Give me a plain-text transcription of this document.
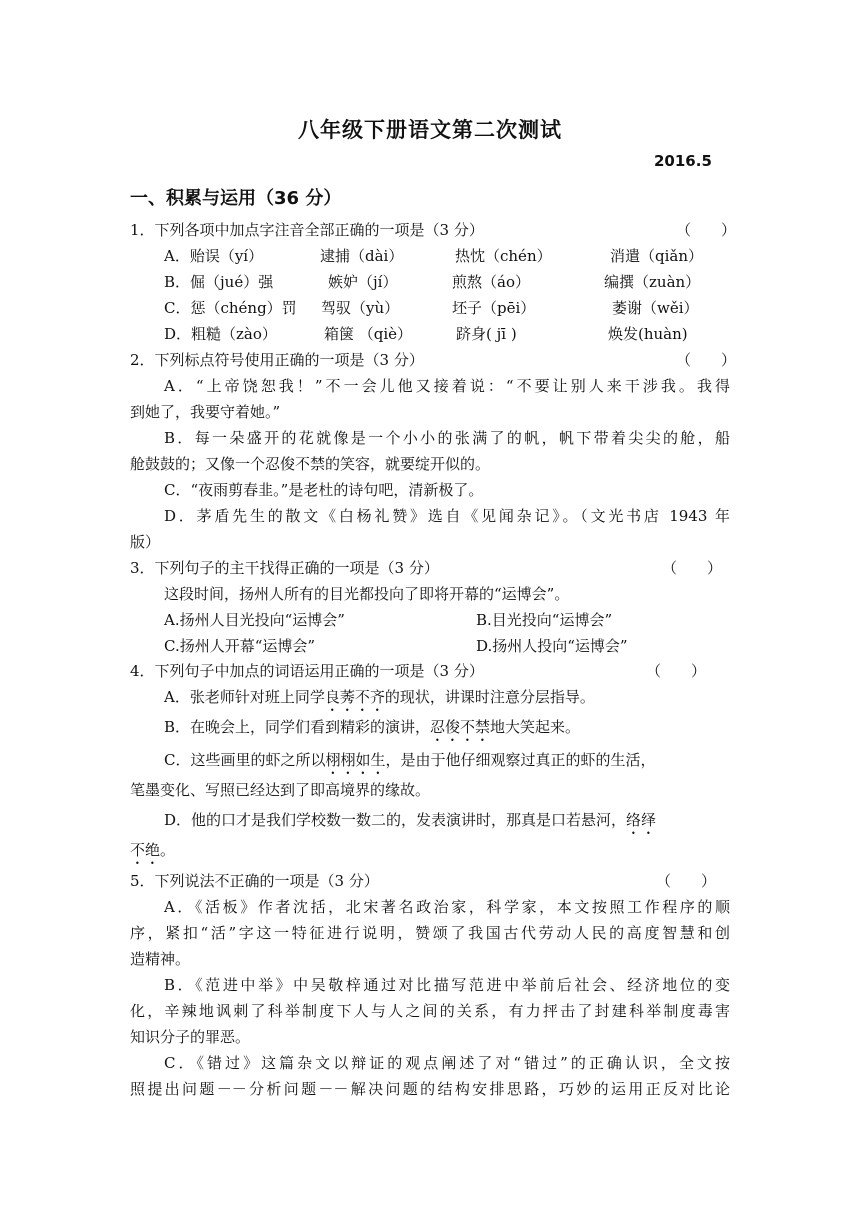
八年级下册语文第二次测试
2016.5
一、积累与运用（36 分）
1．下列各项中加点字注音全部正确的一项是（3 分）	（　　）
A．贻误（yí）	逮捕（dài）	热忱（chén）	消遣（qiǎn）
B．倔（jué）强	嫉妒（jí）	煎熬（áo）	编撰（zuàn）
C．惩（chéng）罚 驾驭（yù）	坯子（pēi）	萎谢（wěi）
D．粗糙（zào）	箱箧 （qiè）	跻身( jī )	焕发(huàn)
2．下列标点符号使用正确的一项是（3 分）	（　　）
A．“上帝饶恕我！”不一会儿他又接着说：“不要让别人来干涉我。我得
到她了，我要守着她。”
B．每一朵盛开的花就像是一个小小的张满了的帆，帆下带着尖尖的舱，船
舱鼓鼓的；又像一个忍俊不禁的笑容，就要绽开似的。
C．“夜雨剪春韭。”是老杜的诗句吧，清新极了。
D．茅盾先生的散文《白杨礼赞》选自《见闻杂记》。（文光书店 1943 年
版）
3．下列句子的主干找得正确的一项是（3 分）	（　　）
这段时间，扬州人所有的目光都投向了即将开幕的“运博会”。
A.扬州人目光投向“运博会”	B.目光投向“运博会”
C.扬州人开幕“运博会”	D.扬州人投向“运博会”
4．下列句子中加点的词语运用正确的一项是（3 分）	（　　）
A．张老师针对班上同学良莠不齐的现状，讲课时注意分层指导。
B．在晚会上，同学们看到精彩的演讲，忍俊不禁地大笑起来。
C．这些画里的虾之所以栩栩如生，是由于他仔细观察过真正的虾的生活，
笔墨变化、写照已经达到了即高境界的缘故。
D．他的口才是我们学校数一数二的，发表演讲时，那真是口若悬河，络绎
不绝。
5．下列说法不正确的一项是（3 分）	（　　）
A．《活板》作者沈括，北宋著名政治家，科学家，本文按照工作程序的顺
序，紧扣“活”字这一特征进行说明，赞颂了我国古代劳动人民的高度智慧和创
造精神。
B．《范进中举》中吴敬梓通过对比描写范进中举前后社会、经济地位的变
化，辛辣地讽刺了科举制度下人与人之间的关系，有力抨击了封建科举制度毒害
知识分子的罪恶。
C．《错过》这篇杂文以辩证的观点阐述了对“错过”的正确认识，全文按
照提出问题－－分析问题－－解决问题的结构安排思路，巧妙的运用正反对比论
